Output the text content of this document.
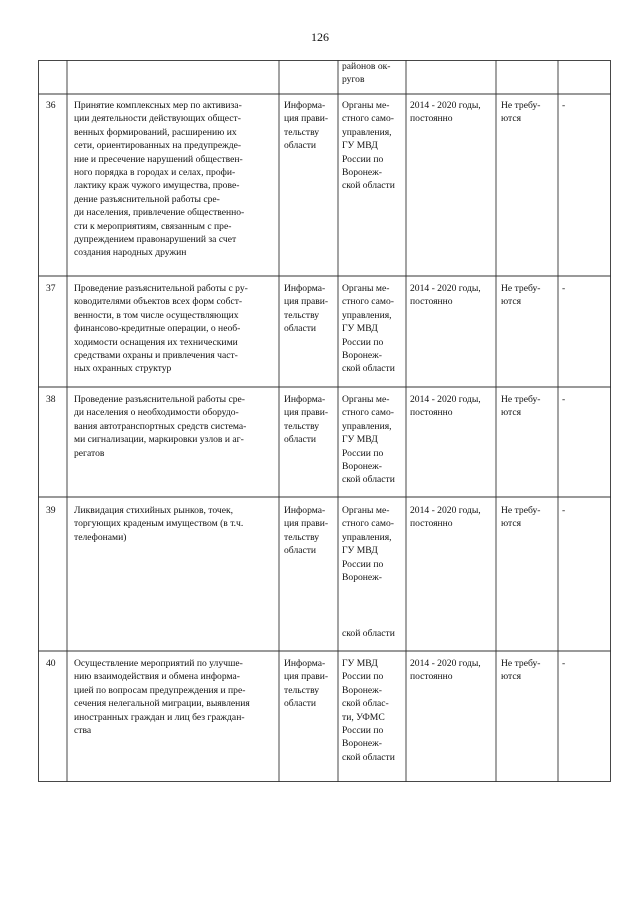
126
районов ок-
ругов
36 Принятие комплексных мер по активиза-
ции деятельности действующих общест-
венных формирований, расширению их
сети, ориентированных на предупрежде-
ние и пресечение нарушений обществен-
ного порядка в городах и селах, профи-
лактику краж чужого имущества, прове-
дение разъяснительной работы сре-
ди населения, привлечение общественно-
сти к мероприятиям, связанным с пре-
дупреждением правонарушений за счет
создания народных дружин
Информа-
ция прави-
тельству
области
Органы ме-
стного само-
управления,
ГУ МВД
России по
Воронеж-
ской области
2014 - 2020 годы,
постоянно
Не требу-
ются
-
37 Проведение разъяснительной работы с ру-
ководителями объектов всех форм собст-
венности, в том числе осуществляющих
финансово-кредитные операции, о необ-
ходимости оснащения их техническими
средствами охраны и привлечения част-
ных охранных структур
Информа-
ция прави-
тельству
области
Органы ме-
стного само-
управления,
ГУ МВД
России по
Воронеж-
ской области
2014 - 2020 годы,
постоянно
Не требу-
ются
-
38 Проведение разъяснительной работы сре-
ди населения о необходимости оборудо-
вания автотранспортных средств система-
ми сигнализации, маркировки узлов и аг-
регатов
Информа-
ция прави-
тельству
области
Органы ме-
стного само-
управления,
ГУ МВД
России по
Воронеж-
ской области
2014 - 2020 годы,
постоянно
Не требу-
ются
-
39 Ликвидация стихийных рынков, точек,
торгующих краденым имуществом (в т.ч.
телефонами)
Информа-
ция прави-
тельству
области
Органы ме-
стного само-
управления,
ГУ МВД
России по
Воронеж-
ской области
2014 - 2020 годы,
постоянно
Не требу-
ются
-
40 Осуществление мероприятий по улучше-
нию взаимодействия и обмена информа-
цией по вопросам предупреждения и пре-
сечения нелегальной миграции, выявления
иностранных граждан и лиц без граждан-
ства
Информа-
ция прави-
тельству
области
ГУ МВД
России по
Воронеж-
ской облас-
ти, УФМС
России по
Воронеж-
ской области
2014 - 2020 годы,
постоянно
Не требу-
ются
-
